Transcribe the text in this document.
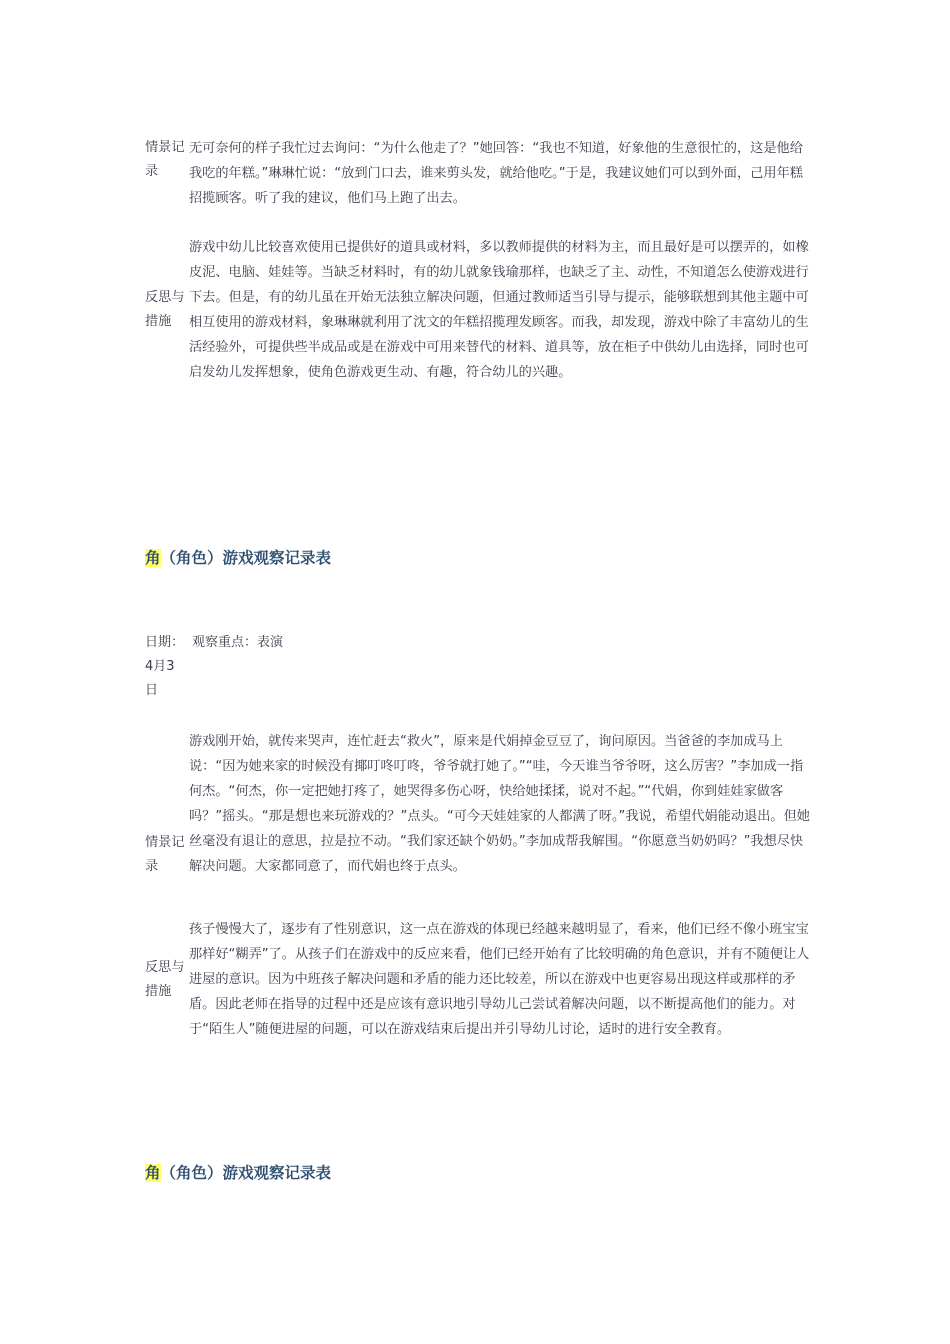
情景记录
无可奈何的样子我忙过去询问：“为什么他走了？”她回答：“我也不知道，好象他的生意很忙的，这是他给我吃的年糕。”琳琳忙说：“放到门口去，谁来剪头发，就给他吃。”于是，我建议她们可以到外面，己用年糕招揽顾客。听了我的建议，他们马上跑了出去。
反思与措施
游戏中幼儿比较喜欢使用已提供好的道具或材料，多以教师提供的材料为主，而且最好是可以摆弄的，如橡皮泥、电脑、娃娃等。当缺乏材料时，有的幼儿就象钱瑜那样，也缺乏了主、动性，不知道怎么使游戏进行下去。但是，有的幼儿虽在开始无法独立解决问题，但通过教师适当引导与提示，能够联想到其他主题中可相互使用的游戏材料，象琳琳就利用了沈文的年糕招揽理发顾客。而我，却发现，游戏中除了丰富幼儿的生活经验外，可提供些半成品或是在游戏中可用来替代的材料、道具等，放在柜子中供幼儿由选择，同时也可启发幼儿发挥想象，使角色游戏更生动、有趣，符合幼儿的兴趣。
角（角色）游戏观察记录表
日期： 观察重点：表演
4月3
日
情景记录
游戏刚开始，就传来哭声，连忙赶去“救火”，原来是代娟掉金豆豆了，询问原因。当爸爸的李加成马上说：“因为她来家的时候没有揶叮咚叮咚，爷爷就打她了。”“哇，今天谁当爷爷呀，这么厉害？”李加成一指何杰。“何杰，你一定把她打疼了，她哭得多伤心呀，快给她揉揉，说对不起。”“代娟，你到娃娃家做客吗？”摇头。“那是想也来玩游戏的？”点头。“可今天娃娃家的人都满了呀。”我说，希望代娟能动退出。但她丝毫没有退让的意思，拉是拉不动。“我们家还缺个奶奶。”李加成帮我解围。“你愿意当奶奶吗？”我想尽快解决问题。大家都同意了，而代娟也终于点头。
反思与措施
孩子慢慢大了，逐步有了性别意识，这一点在游戏的体现已经越来越明显了，看来，他们已经不像小班宝宝那样好“糊弄”了。从孩子们在游戏中的反应来看，他们已经开始有了比较明确的角色意识，并有不随便让人进屋的意识。因为中班孩子解决问题和矛盾的能力还比较差，所以在游戏中也更容易出现这样或那样的矛盾。因此老师在指导的过程中还是应该有意识地引导幼儿己尝试着解决问题，以不断提高他们的能力。对于“陌生人”随便进屋的问题，可以在游戏结束后提出并引导幼儿讨论，适时的进行安全教育。
角（角色）游戏观察记录表
